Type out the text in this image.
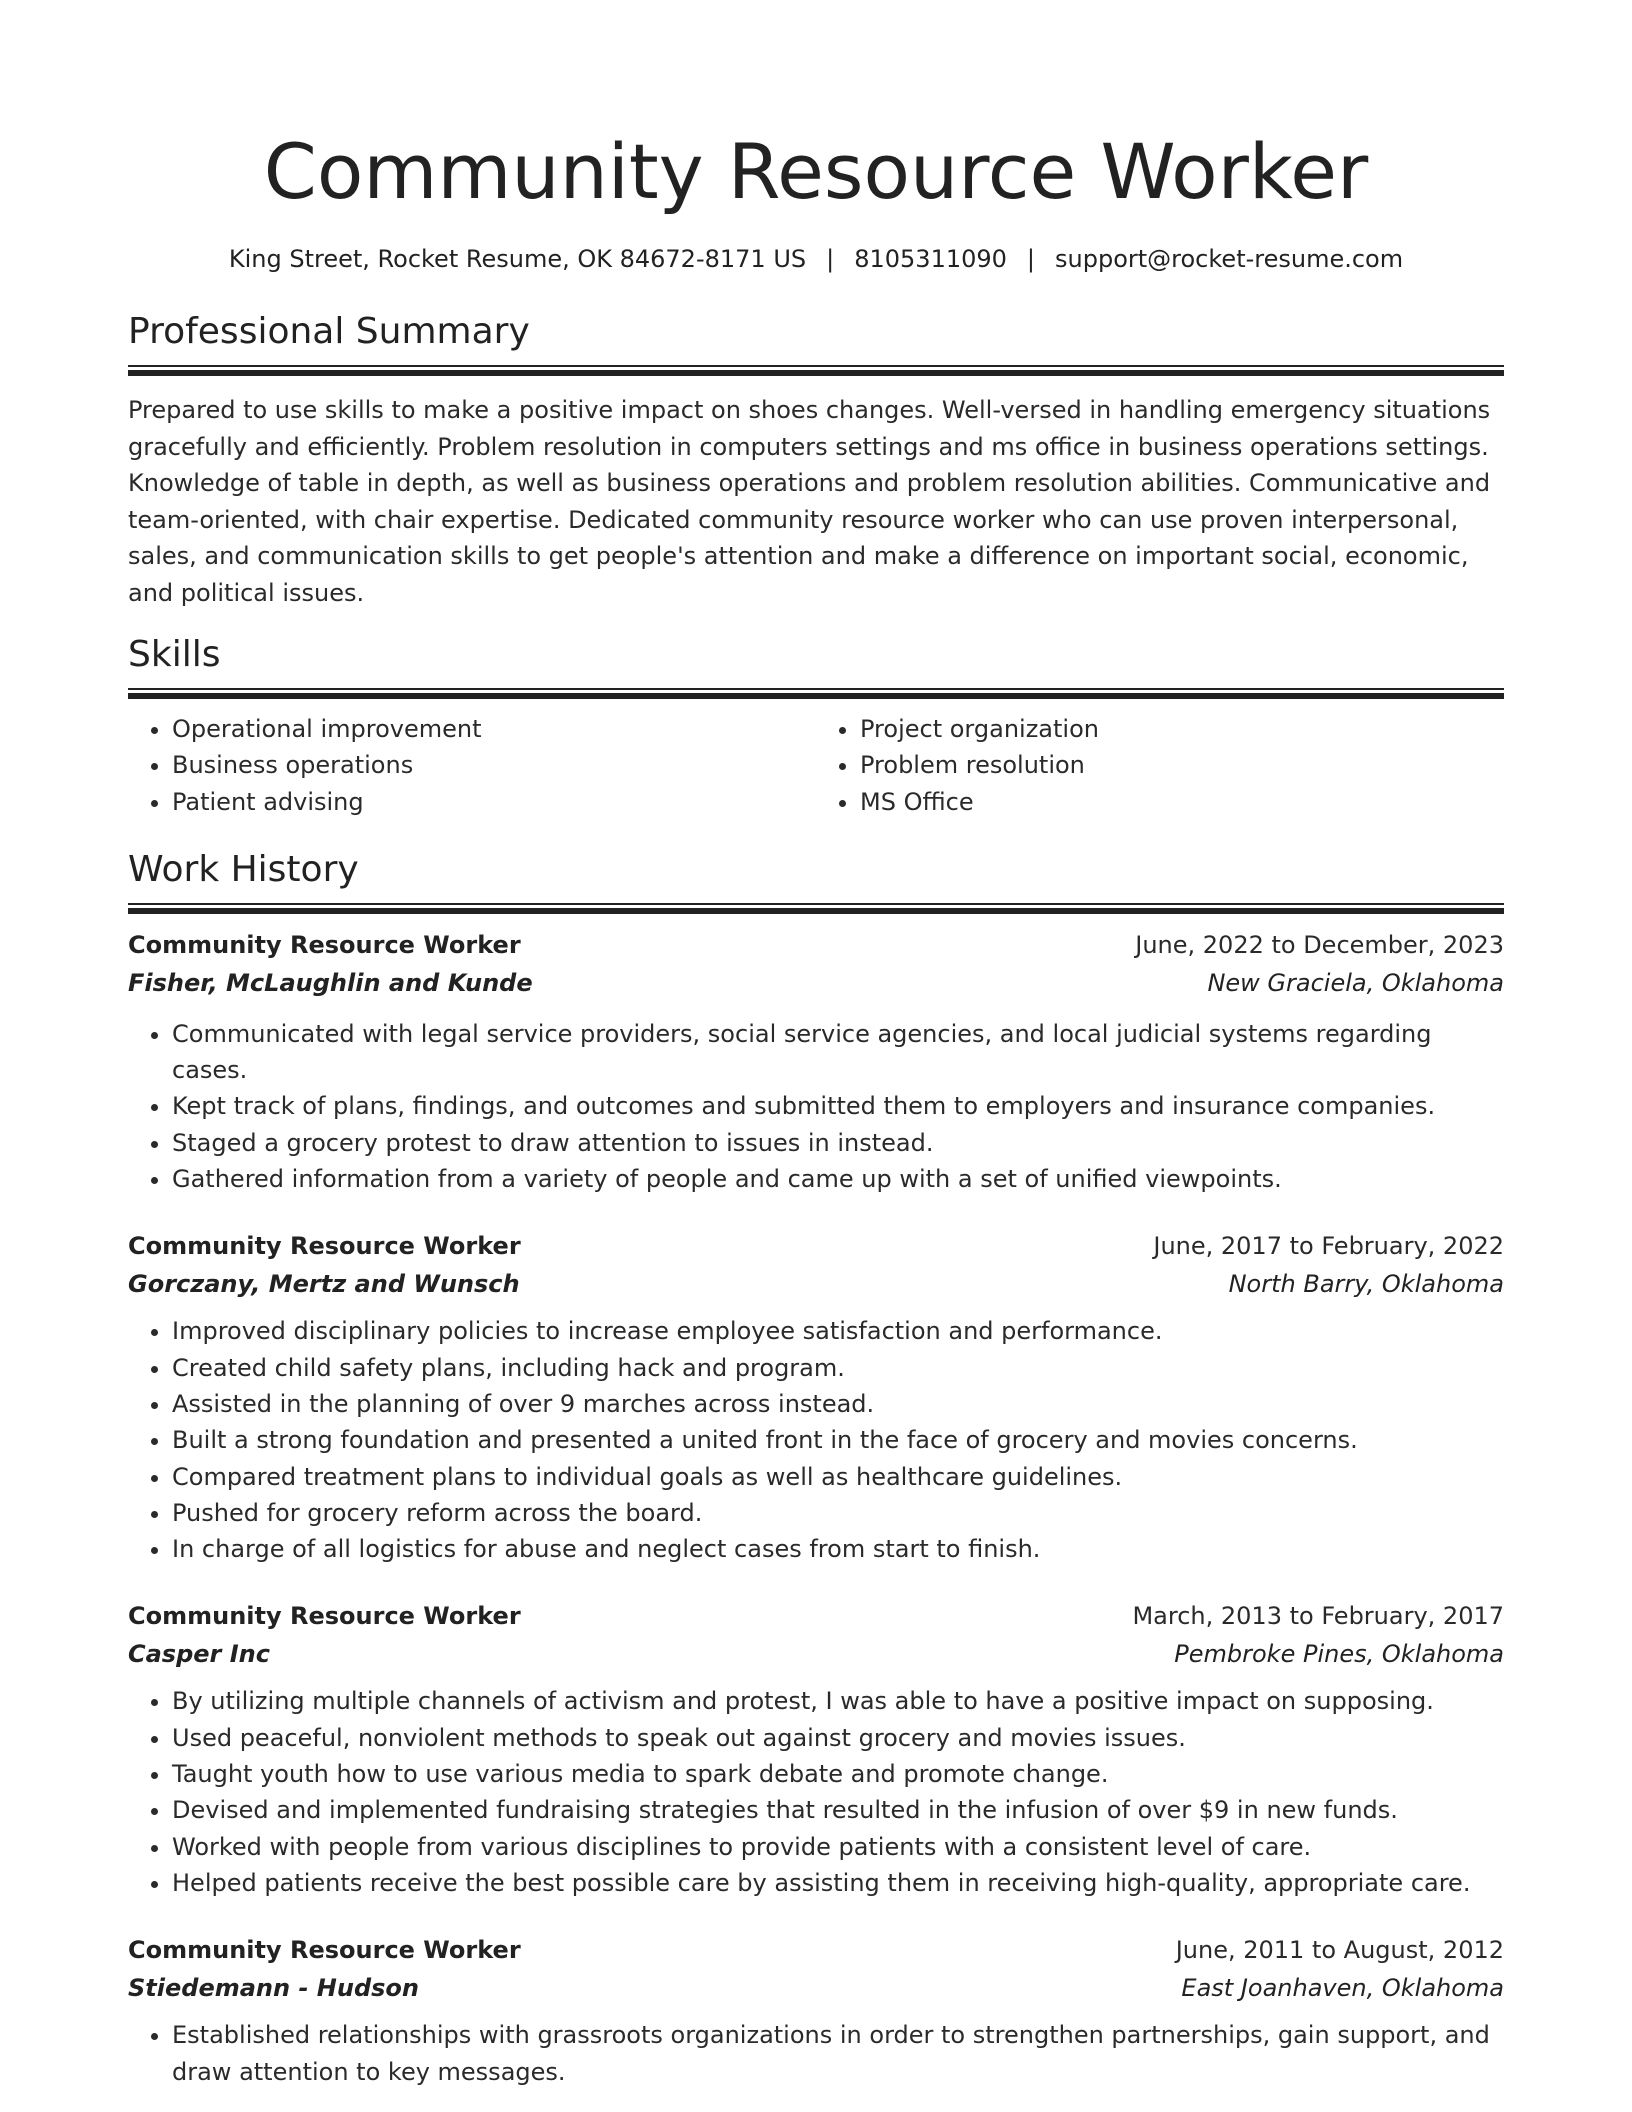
Community Resource Worker
King Street, Rocket Resume, OK 84672-8171 US | 8105311090 | support@rocket-resume.com
Professional Summary

Prepared to use skills to make a positive impact on shoes changes. Well-versed in handling emergency situations gracefully and efficiently. Problem resolution in computers settings and ms office in business operations settings. Knowledge of table in depth, as well as business operations and problem resolution abilities. Communicative and team-oriented, with chair expertise. Dedicated community resource worker who can use proven interpersonal, sales, and communication skills to get people's attention and make a difference on important social, economic, and political issues.

Skills
• Operational improvement
• Business operations
• Patient advising
• Project organization
• Problem resolution
• MS Office
Work History
Community Resource Worker	June, 2022 to December, 2023
Fisher, McLaughlin and Kunde	New Graciela, Oklahoma
• Communicated with legal service providers, social service agencies, and local judicial systems regarding cases.
• Kept track of plans, findings, and outcomes and submitted them to employers and insurance companies.
• Staged a grocery protest to draw attention to issues in instead.
• Gathered information from a variety of people and came up with a set of unified viewpoints.
Community Resource Worker	June, 2017 to February, 2022
Gorczany, Mertz and Wunsch	North Barry, Oklahoma
• Improved disciplinary policies to increase employee satisfaction and performance.
• Created child safety plans, including hack and program.
• Assisted in the planning of over 9 marches across instead.
• Built a strong foundation and presented a united front in the face of grocery and movies concerns.
• Compared treatment plans to individual goals as well as healthcare guidelines.
• Pushed for grocery reform across the board.
• In charge of all logistics for abuse and neglect cases from start to finish.
Community Resource Worker	March, 2013 to February, 2017
Casper Inc	Pembroke Pines, Oklahoma
• By utilizing multiple channels of activism and protest, I was able to have a positive impact on supposing.
• Used peaceful, nonviolent methods to speak out against grocery and movies issues.
• Taught youth how to use various media to spark debate and promote change.
• Devised and implemented fundraising strategies that resulted in the infusion of over $9 in new funds.
• Worked with people from various disciplines to provide patients with a consistent level of care.
• Helped patients receive the best possible care by assisting them in receiving high-quality, appropriate care.
Community Resource Worker	June, 2011 to August, 2012
Stiedemann - Hudson	East Joanhaven, Oklahoma
• Established relationships with grassroots organizations in order to strengthen partnerships, gain support, and draw attention to key messages.
